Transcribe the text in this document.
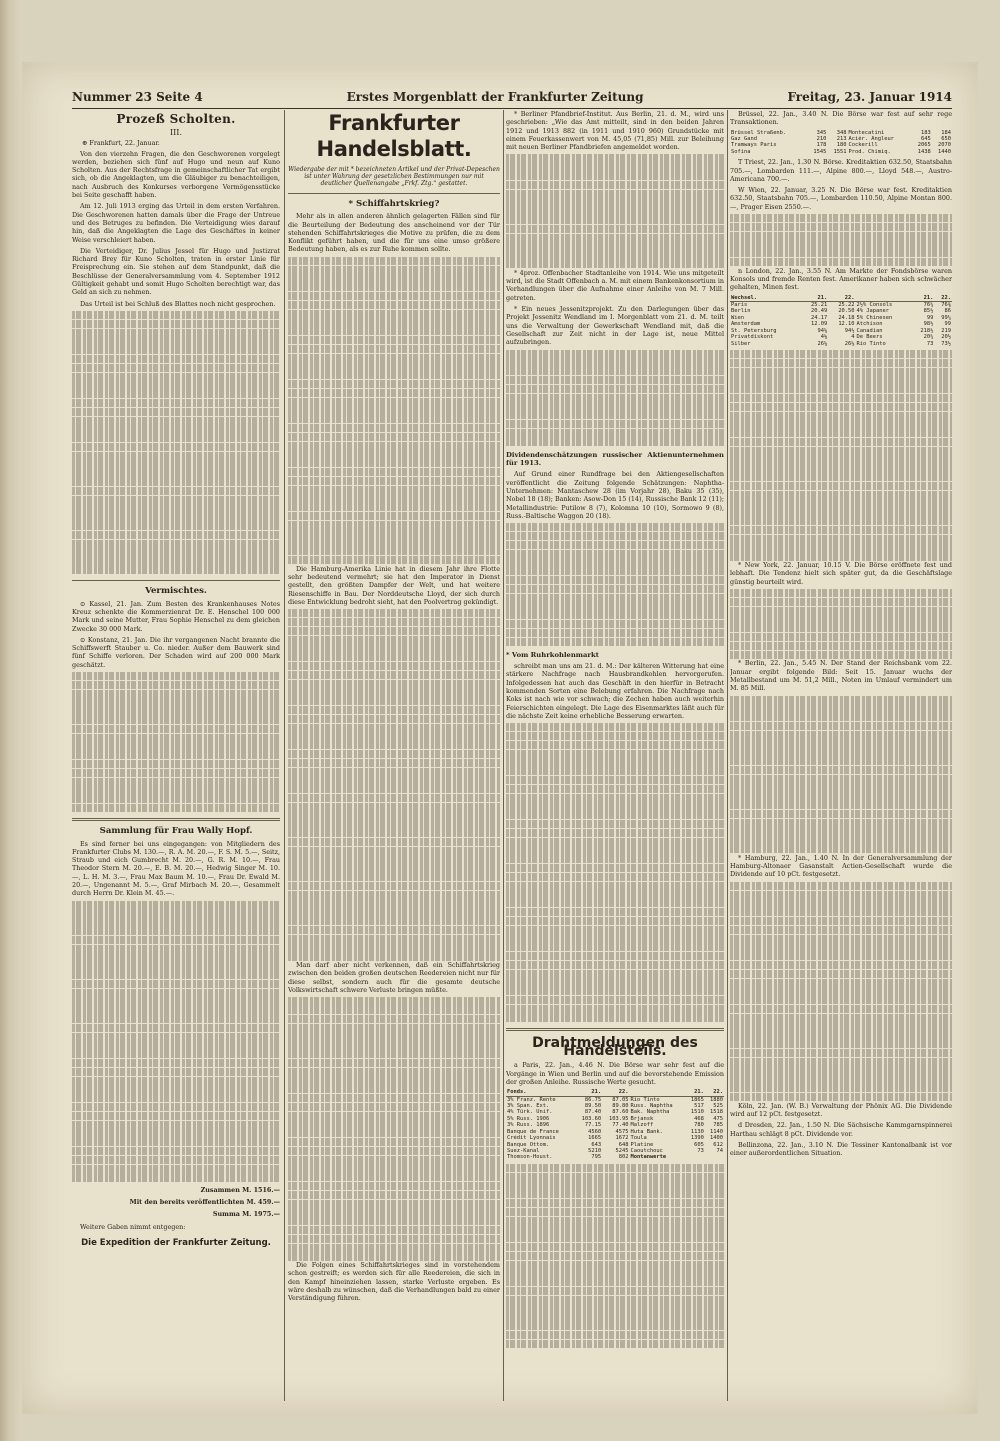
Nummer 23 Seite 4	Erstes Morgenblatt der Frankfurter Zeitung	Freitag, 23. Januar 1914
Prozeß Scholten.
III.
⊕ Frankfurt, 22. Januar.

Von den vierzehn Fragen, die den Geschworenen vorgelegt werden, beziehen sich fünf auf Hugo und neun auf Kuno Scholten. Aus der Rechtsfrage in gemeinschaftlicher Tat ergibt sich, ob die Angeklagten, um die Gläubiger zu benachteiligen, nach Ausbruch des Konkurses verborgene Vermögensstücke bei Seite geschafft haben.

Am 12. Juli 1913 erging das Urteil in dem ersten Verfahren. Die Geschworenen hatten damals über die Frage der Untreue und des Betruges zu befinden. Die Verteidigung wies darauf hin, daß die Angeklagten die Lage des Geschäftes in keiner Weise verschleiert haben.

Die Verteidiger, Dr. Julius Jessel für Hugo und Justizrat Richard Brey für Kuno Scholten, traten in erster Linie für Freisprechung ein. Sie stehen auf dem Standpunkt, daß die Beschlüsse der Generalversammlung vom 4. September 1912 Gültigkeit gehabt und somit Hugo Scholten berechtigt war, das Geld an sich zu nehmen.

Das Urteil ist bei Schluß des Blattes noch nicht gesprochen.

Vermischtes.

⊙ Kassel, 21. Jan. Zum Besten des Krankenhauses Notes Kreuz schenkte die Kommerzienrat Dr. E. Henschel 100 000 Mark und seine Mutter, Frau Sophie Henschel zu dem gleichen Zwecke 30 000 Mark.

⊙ Konstanz, 21. Jan. Die ihr vergangenen Nacht brannte die Schiffswerft Stauber u. Co. nieder. Außer dem Bauwerk sind fünf Schiffe verloren. Der Schaden wird auf 200 000 Mark geschätzt.

Sammlung für Frau Wally Hopf.

Es sind ferner bei uns eingegangen: von Mitgliedern des Frankfurter Clubs M. 130.—, R. A. M. 20.—, F. S. M. 5.—, Seitz, Straub und eich Gumbrecht M. 20.—, G. R. M. 10.—, Frau Theodor Stern M. 20.—, E. B. M. 20.—, Hedwig Singer M. 10.—, L. H. M. 3.—, Frau Max Baum M. 10.—, Frau Dr. Ewald M. 20.—, Ungenannt M. 5.—, Graf Mirbach M. 20.—, Gesammelt durch Herrn Dr. Klein M. 45.—.

Zusammen M. 1516.—
Mit den bereits veröffentlichten M. 459.—
Summa M. 1975.—

Weitere Gaben nimmt entgegen:

Die Expedition der Frankfurter Zeitung.
Frankfurter Handelsblatt.
Wiedergabe der mit * bezeichneten Artikel und der Privat-Depeschen ist unter Wahrung der gesetzlichen Bestimmungen nur mit deutlicher Quellenangabe „Frkf. Ztg.“ gestattet.
* Schiffahrtskrieg?

Mehr als in allen anderen ähnlich gelagerten Fällen sind für die Beurteilung der Bedeutung des anscheinend vor der Tür stehenden Schiffahrtskrieges die Motive zu prüfen, die zu dem Konflikt geführt haben, und die für uns eine umso größere Bedeutung haben, als es zur Ruhe kommen sollte.

Die Hamburg-Amerika Linie hat in diesem Jahr ihre Flotte sehr bedeutend vermehrt; sie hat den Imperator in Dienst gestellt, den größten Dampfer der Welt, und hat weitere Riesenschiffe in Bau. Der Norddeutsche Lloyd, der sich durch diese Entwicklung bedroht sieht, hat den Poolvertrag gekündigt.

Man darf aber nicht verkennen, daß ein Schiffahrtskrieg zwischen den beiden großen deutschen Reedereien nicht nur für diese selbst, sondern auch für die gesamte deutsche Volkswirtschaft schwere Verluste bringen müßte.

Die Folgen eines Schiffahrtskrieges sind in vorstehendem schon gestreift; es werden sich für alle Reedereien, die sich in den Kampf hineinziehen lassen, starke Verluste ergeben. Es wäre deshalb zu wünschen, daß die Verhandlungen bald zu einer Verständigung führen.

* Berliner Pfandbrief-Institut. Aus Berlin, 21. d. M., wird uns geschrieben: „Wie das Amt mitteilt, sind in den beiden Jahren 1912 und 1913 882 (in 1911 und 1910 960) Grundstücke mit einem Feuerkassenwert von M. 45,05 (71,85) Mill. zur Beleihung mit neuen Berliner Pfandbriefen angemeldet worden.

* 4proz. Offenbacher Stadtanleihe von 1914. Wie uns mitgeteilt wird, ist die Stadt Offenbach a. M. mit einem Bankenkonsortium in Verhandlungen über die Aufnahme einer Anleihe von M. 7 Mill. getreten.

* Ein neues Jessenitzprojekt. Zu den Darlegungen über das Projekt Jessenitz Wendland im I. Morgenblatt vom 21. d. M. teilt uns die Verwaltung der Gewerkschaft Wendland mit, daß die Gesellschaft zur Zeit nicht in der Lage ist, neue Mittel aufzubringen.

Dividendenschätzungen russischer Aktienunternehmen für 1913.

Auf Grund einer Rundfrage bei den Aktiengesellschaften veröffentlicht die Zeitung folgende Schätzungen: Naphtha-Unternehmen: Mantaschew 28 (im Vorjahr 28), Baku 35 (35), Nobel 18 (18); Banken: Asow-Don 15 (14), Russische Bank 12 (11); Metallindustrie: Putilow 8 (7), Kolomna 10 (10), Sormowo 9 (8), Russ.-Baltische Waggon 20 (18).

* Vom Ruhrkohlenmarkt

schreibt man uns am 21. d. M.: Der kälteren Witterung hat eine stärkere Nachfrage nach Hausbrandkohlen hervorgerufen. Infolgedessen hat auch das Geschäft in den hierfür in Betracht kommenden Sorten eine Belebung erfahren. Die Nachfrage nach Koks ist nach wie vor schwach; die Zechen haben auch weiterhin Feierschichten eingelegt. Die Lage des Eisenmarktes läßt auch für die nächste Zeit keine erhebliche Besserung erwarten.

Drahtmeldungen des Handelsteils.

a Paris, 22. Jan., 4.46 N. Die Börse war sehr fest auf die Vorgänge in Wien und Berlin und auf die bevorstehende Emission der großen Anleihe. Russische Werte gesucht.

Fonds.	21.	22.		21.	22.
3% Franz. Rente	86.75	87.05	Rio Tinto	1865	1880
3% Span. Ext.	89.50	89.80	Russ. Naphtha	517	525
4% Türk. Unif.	87.40	87.60	Bak. Naphtha	1510	1518
5% Russ. 1906	103.60	103.95	Brjansk	468	475
3% Russ. 1896	77.15	77.40	Malzoff	780	785
Banque de France	4560	4575	Huta Bank.	1130	1140
Crédit Lyonnais	1665	1672	Toula	1390	1400
Banque Ottom.	643	648	Platine	605	612
Suez-Kanal	5210	5245	Caoutchouc	73	74
Thomson-Houst.	795	802	Montanwerte		

Brüssel, 22. Jan., 3.40 N. Die Börse war fest auf sehr rege Transaktionen.

Brüssel Straßenb.	345	348	Montecatini	183	184
Gaz Gand	210	213	Aciér. Angleur	645	650
Tramways Paris	178	180	Cockerill	2065	2070
Sofina	1545	1551	Prod. Chimiq.	1438	1440

T Triest, 22. Jan., 1.30 N. Börse. Kreditaktien 632.50, Staatsbahn 705.—, Lombarden 111.—, Alpine 800.—, Lloyd 548.—, Austro-Americana 700.—.

W Wien, 22. Januar, 3.25 N. Die Börse war fest. Kreditaktien 632.50, Staatsbahn 705.—, Lombarden 110.50, Alpine Montan 800.—, Prager Eisen 2550.—.

n London, 22. Jan., 3.55 N. Am Markte der Fondsbörse waren Konsols und fremde Renten fest. Amerikaner haben sich schwächer gehalten, Minen fest.

Wechsel.	21.	22.		21.	22.
Paris	25.21	25.22	2½% Consols	76¼	76⅜
Berlin	20.49	20.50	4% Japaner	85½	86
Wien	24.17	24.18	5% Chinesen	99	99¼
Amsterdam	12.09	12.10	Atchison	98½	99
St. Petersburg	94⅝	94½	Canadian	218½	219
Privatdiskont	4⅛	4	De Beers	20¼	20½
Silber	26⅝	26⅝	Rio Tinto	73	73½

* New York, 22. Januar, 10.15 V. Die Börse eröffnete fest und lebhaft. Die Tendenz hielt sich später gut, da die Geschäftslage günstig beurteilt wird.

* Berlin, 22. Jan., 5.45 N. Der Stand der Reichsbank vom 22. Januar ergibt folgende Bild: Seit 15. Januar wuchs der Metallbestand um M. 51,2 Mill., Noten im Umlauf vermindert um M. 85 Mill.

* Hamburg, 22. Jan., 1.40 N. In der Generalversammlung der Hamburg-Altonaer Gasanstalt Actien-Gesellschaft wurde die Dividende auf 10 pCt. festgesetzt.

Köln, 22. Jan. (W. B.) Verwaltung der Phönix AG. Die Dividende wird auf 12 pCt. festgesetzt.

d Dresden, 22. Jan., 1.50 N. Die Sächsische Kammgarnspinnerei Harthau schlägt 8 pCt. Dividende vor.

Bellinzona, 22. Jan., 3.10 N. Die Tessiner Kantonalbank ist vor einer außerordentlichen Situation.
